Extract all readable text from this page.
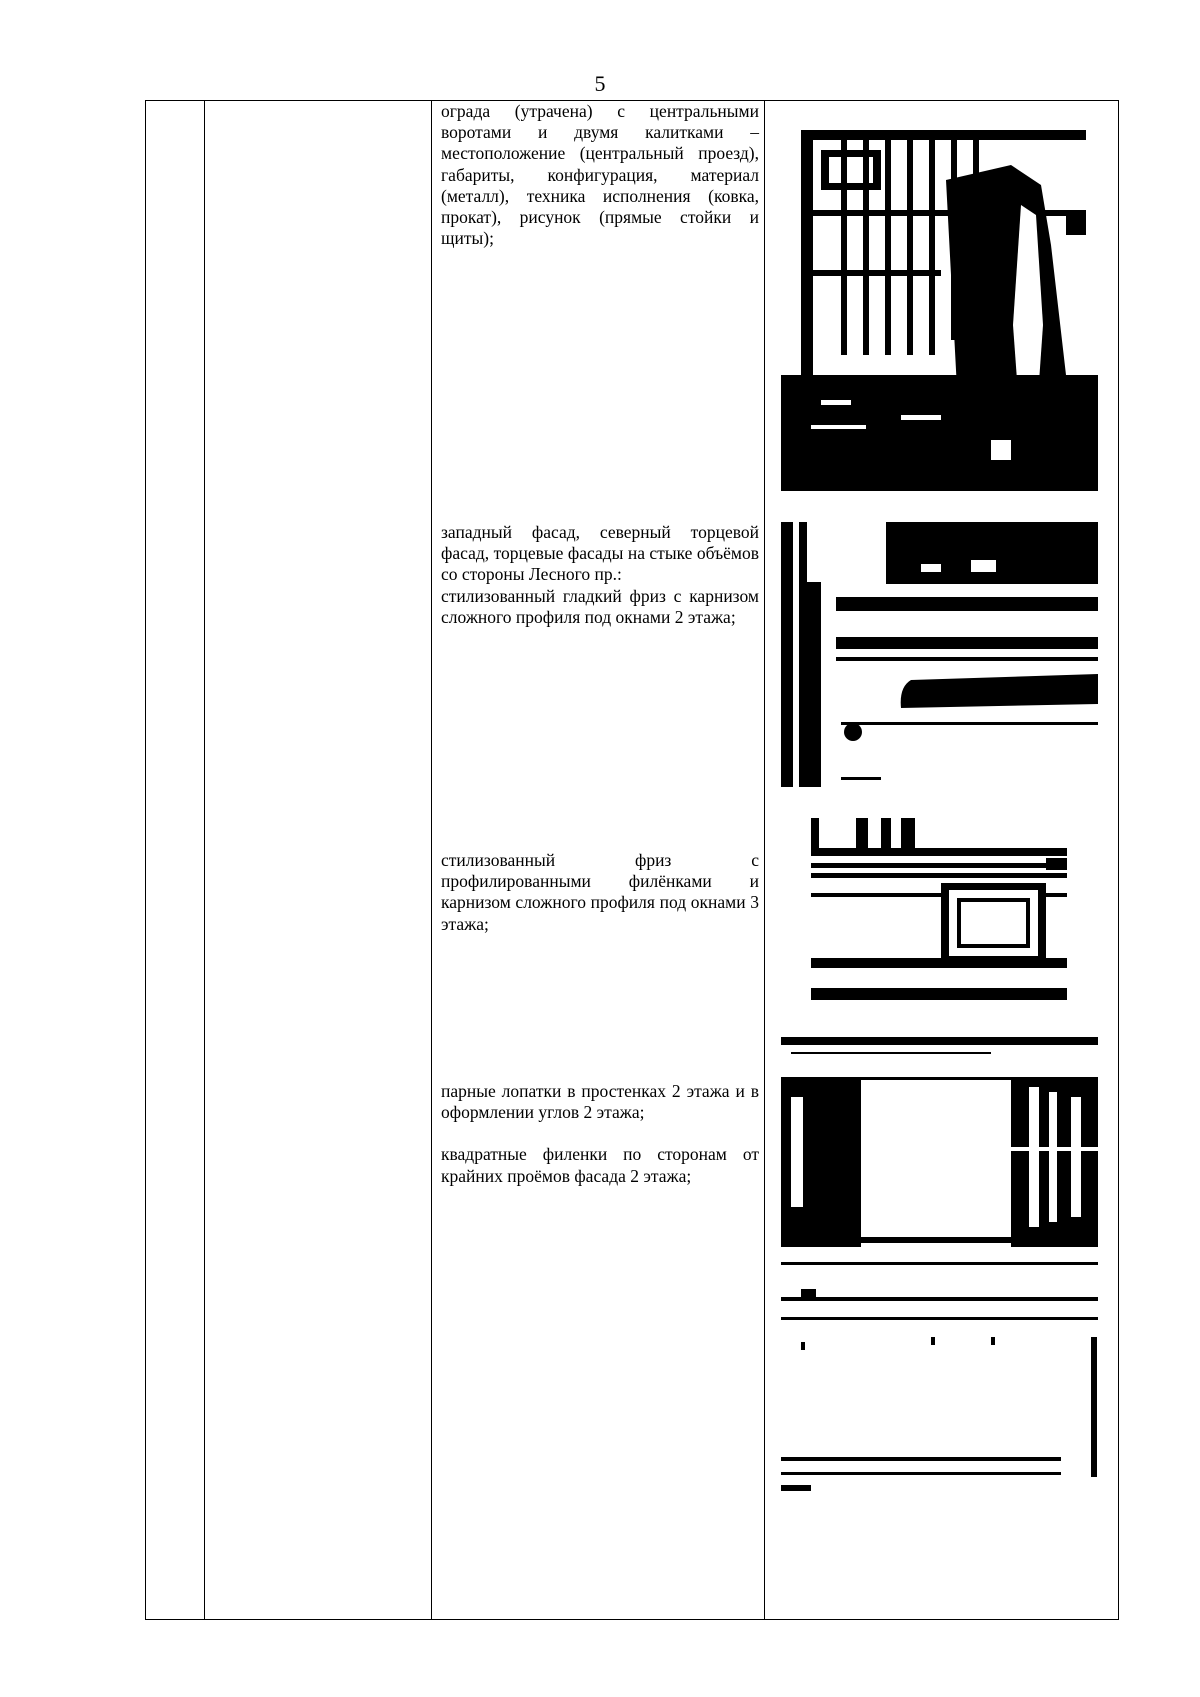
5

ограда (утрачена) с центральными воротами и двумя калитками – местоположение (центральный проезд), габариты, конфигурация, материал (металл), техника исполнения (ковка, прокат), рисунок (прямые стойки и щиты);

западный фасад, северный торцевой фасад, торцевые фасады на стыке объёмов со стороны Лесного пр.:

стилизованный гладкий фриз с карнизом сложного профиля под окнами 2 этажа;

стилизованный фриз с профилированными филёнками и карнизом сложного профиля под окнами 3 этажа;

парные лопатки в простенках 2 этажа и в оформлении углов 2 этажа;

квадратные филенки по сторонам от крайних проёмов фасада 2 этажа;
